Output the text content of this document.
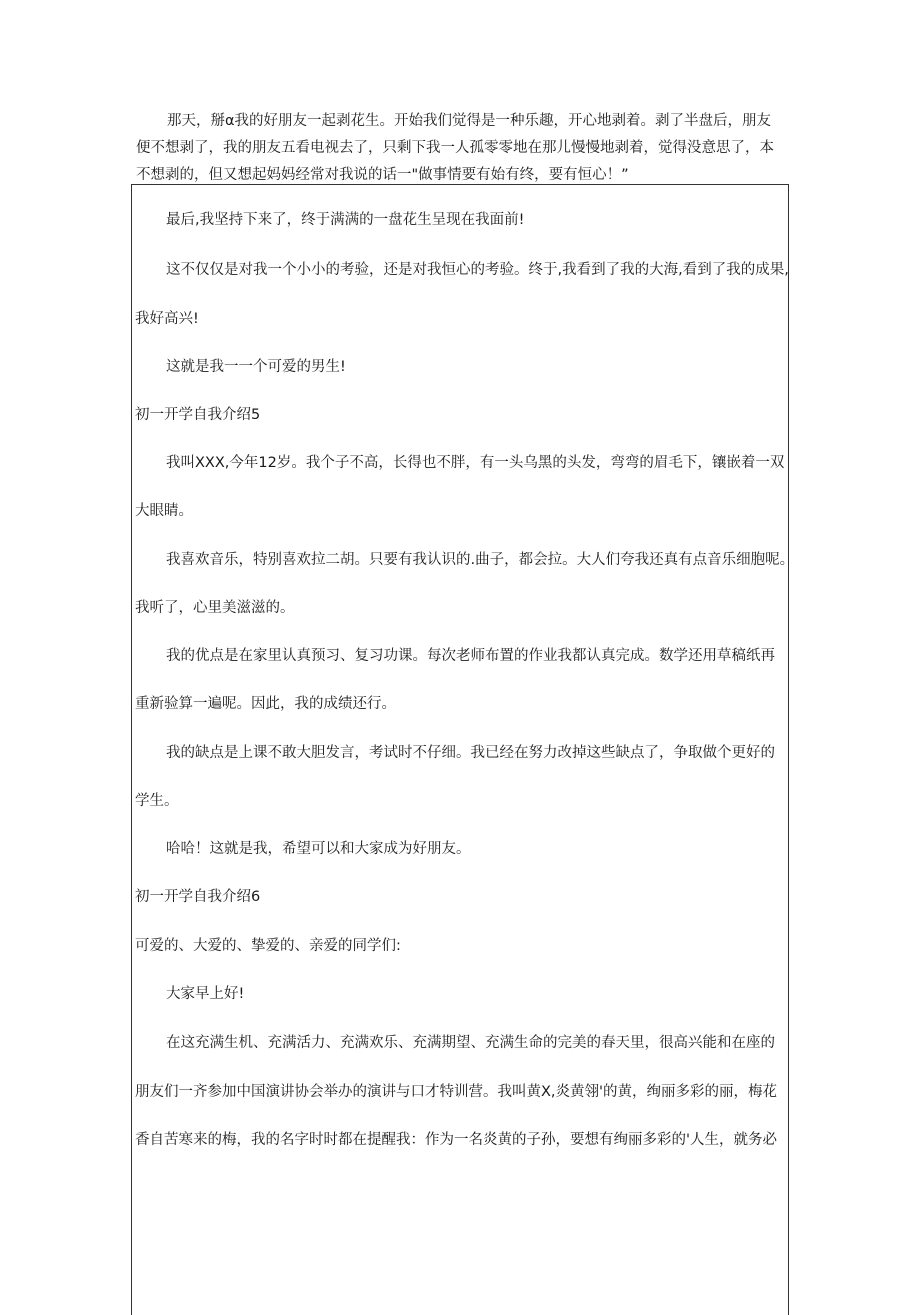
那天，掰α我的好朋友一起剥花生。开始我们觉得是一种乐趣，开心地剥着。剥了半盘后，朋友

便不想剥了，我的朋友五看电视去了，只剩下我一人孤零零地在那儿慢慢地剥着，觉得没意思了，本

不想剥的，但又想起妈妈经常对我说的话一"做事情要有始有终，要有恒心！”

最后,我坚持下来了，终于满满的一盘花生呈现在我面前!

这不仅仅是对我一个小小的考验，还是对我恒心的考验。终于,我看到了我的大海,看到了我的成果,

我好高兴!

这就是我一一个可爱的男生!

初一开学自我介绍5

我叫XXX,今年12岁。我个子不高，长得也不胖，有一头乌黑的头发，弯弯的眉毛下，镶嵌着一双

大眼睛。

我喜欢音乐，特别喜欢拉二胡。只要有我认识的.曲子，都会拉。大人们夸我还真有点音乐细胞呢。

我听了，心里美滋滋的。

我的优点是在家里认真预习、复习功课。每次老师布置的作业我都认真完成。数学还用草稿纸再

重新验算一遍呢。因此，我的成绩还行。

我的缺点是上课不敢大胆发言，考试时不仔细。我已经在努力改掉这些缺点了，争取做个更好的

学生。

哈哈！这就是我，希望可以和大家成为好朋友。

初一开学自我介绍6

可爱的、大爱的、挚爱的、亲爱的同学们:

大家早上好!

在这充满生机、充满活力、充满欢乐、充满期望、充满生命的完美的春天里，很高兴能和在座的

朋友们一齐参加中国演讲协会举办的演讲与口才特训营。我叫黄X,炎黄翎'的黄，绚丽多彩的丽，梅花

香自苦寒来的梅，我的名字时时都在提醒我：作为一名炎黄的子孙，要想有绚丽多彩的'人生，就务必
